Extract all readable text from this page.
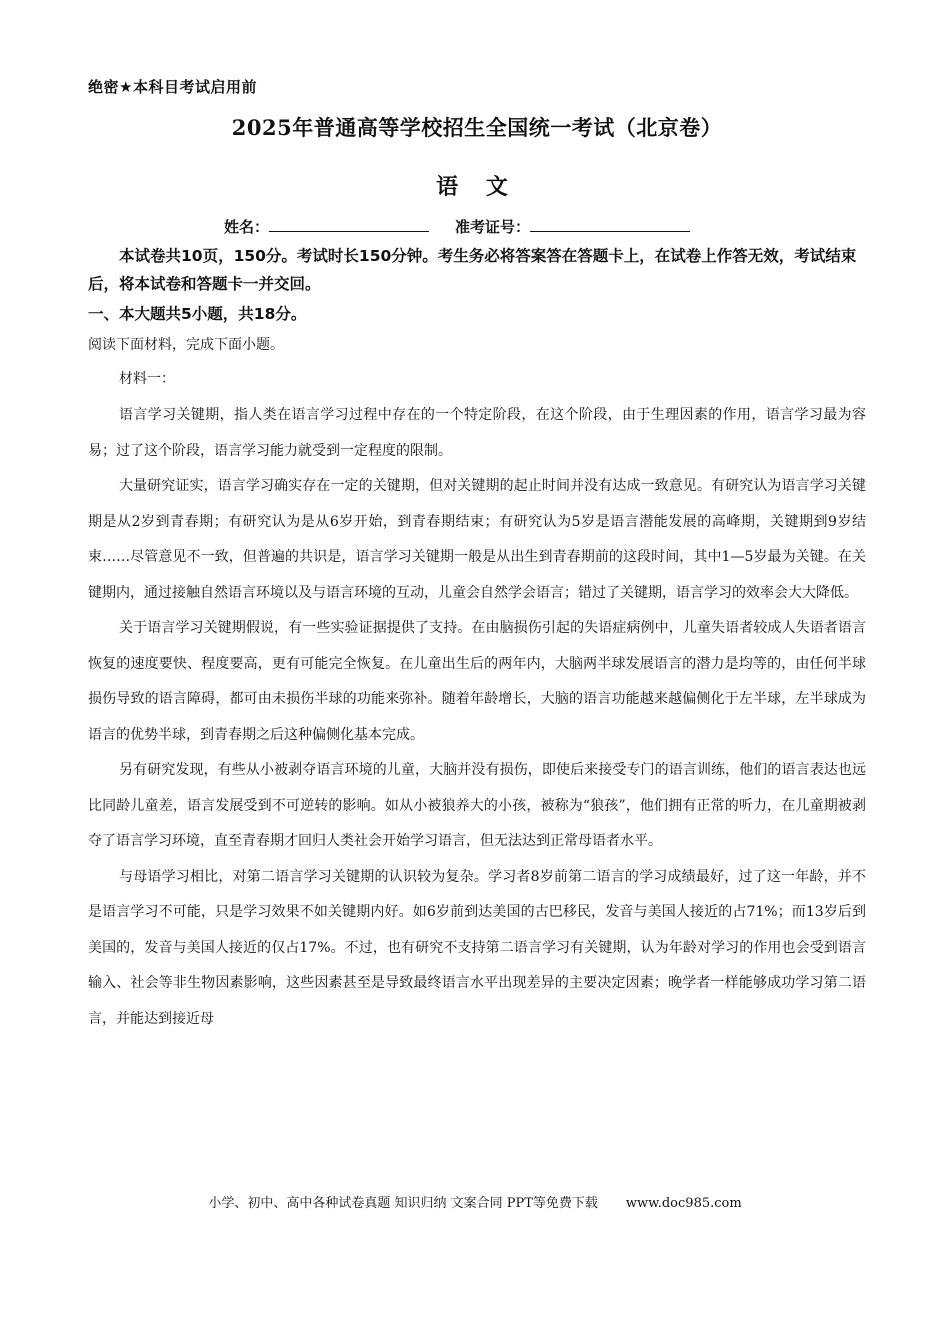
绝密★本科目考试启用前
2025年普通高等学校招生全国统一考试（北京卷）
语 文
姓名：	准考证号：
本试卷共10页，150分。考试时长150分钟。考生务必将答案答在答题卡上，在试卷上作答无效，考试结束后，将本试卷和答题卡一并交回。
一、本大题共5小题，共18分。
阅读下面材料，完成下面小题。
材料一：

语言学习关键期，指人类在语言学习过程中存在的一个特定阶段，在这个阶段，由于生理因素的作用，语言学习最为容易；过了这个阶段，语言学习能力就受到一定程度的限制。

大量研究证实，语言学习确实存在一定的关键期，但对关键期的起止时间并没有达成一致意见。有研究认为语言学习关键期是从2岁到青春期；有研究认为是从6岁开始，到青春期结束；有研究认为5岁是语言潜能发展的高峰期，关键期到9岁结束……尽管意见不一致，但普遍的共识是，语言学习关键期一般是从出生到青春期前的这段时间，其中1—5岁最为关键。在关键期内，通过接触自然语言环境以及与语言环境的互动，儿童会自然学会语言；错过了关键期，语言学习的效率会大大降低。

关于语言学习关键期假说，有一些实验证据提供了支持。在由脑损伤引起的失语症病例中，儿童失语者较成人失语者语言恢复的速度要快、程度要高，更有可能完全恢复。在儿童出生后的两年内，大脑两半球发展语言的潜力是均等的，由任何半球损伤导致的语言障碍，都可由未损伤半球的功能来弥补。随着年龄增长，大脑的语言功能越来越偏侧化于左半球，左半球成为语言的优势半球，到青春期之后这种偏侧化基本完成。

另有研究发现，有些从小被剥夺语言环境的儿童，大脑并没有损伤，即使后来接受专门的语言训练，他们的语言表达也远比同龄儿童差，语言发展受到不可逆转的影响。如从小被狼养大的小孩，被称为“狼孩”，他们拥有正常的听力，在儿童期被剥夺了语言学习环境，直至青春期才回归人类社会开始学习语言，但无法达到正常母语者水平。

与母语学习相比，对第二语言学习关键期的认识较为复杂。学习者8岁前第二语言的学习成绩最好，过了这一年龄，并不是语言学习不可能，只是学习效果不如关键期内好。如6岁前到达美国的古巴移民，发音与美国人接近的占71%；而13岁后到美国的，发音与美国人接近的仅占17%。不过，也有研究不支持第二语言学习有关键期，认为年龄对学习的作用也会受到语言输入、社会等非生物因素影响，这些因素甚至是导致最终语言水平出现差异的主要决定因素；晚学者一样能够成功学习第二语言，并能达到接近母

小学、初中、高中各种试卷真题 知识归纳 文案合同 PPT等免费下载 www.doc985.com
